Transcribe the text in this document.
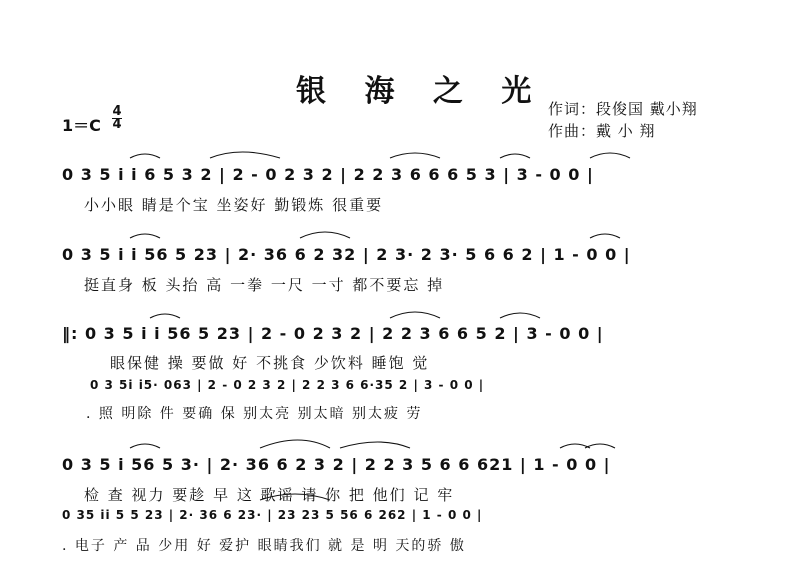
银 海 之 光 作词：段俊国 戴小翔
作曲：戴 小 翔
1＝C
4
4
0 3 5 i i 6 5 3 2 | 2 - 0 2 3 2 | 2 2 3 6 6 6 5 3 | 3 - 0 0 |
小小眼 睛是个宝 坐姿好 勤锻炼 很重要
0 3 5 i i 56 5 23 | 2· 36 6 2 32 | 2 3· 2 3· 5 6 6 2 | 1 - 0 0 |
挺直身 板 头抬 高 一拳 一尺 一寸 都不要忘 掉
‖: 0 3 5 i i 56 5 23 | 2 - 0 2 3 2 | 2 2 3 6 6 5 2 | 3 - 0 0 |
眼保健 操 要做 好 不挑食 少饮料 睡饱 觉
0 3 5i i5· 063 | 2 - 0 2 3 2 | 2 2 3 6 6·35 2 | 3 - 0 0 |
. 照 明除 件 要确 保 别太亮 别太暗 别太疲 劳
0 3 5 i 56 5 3· | 2· 36 6 2 3 2 | 2 2 3 5 6 6 621 | 1 - 0 0 |
检 查 视力 要趁 早 这 歌谣 请 你 把 他们 记 牢
0 35 ii 5 5 23 | 2· 36 6 23· | 23 23 5 56 6 262 | 1 - 0 0 |
. 电子 产 品 少用 好 爱护 眼睛我们 就 是 明 天的骄 傲
